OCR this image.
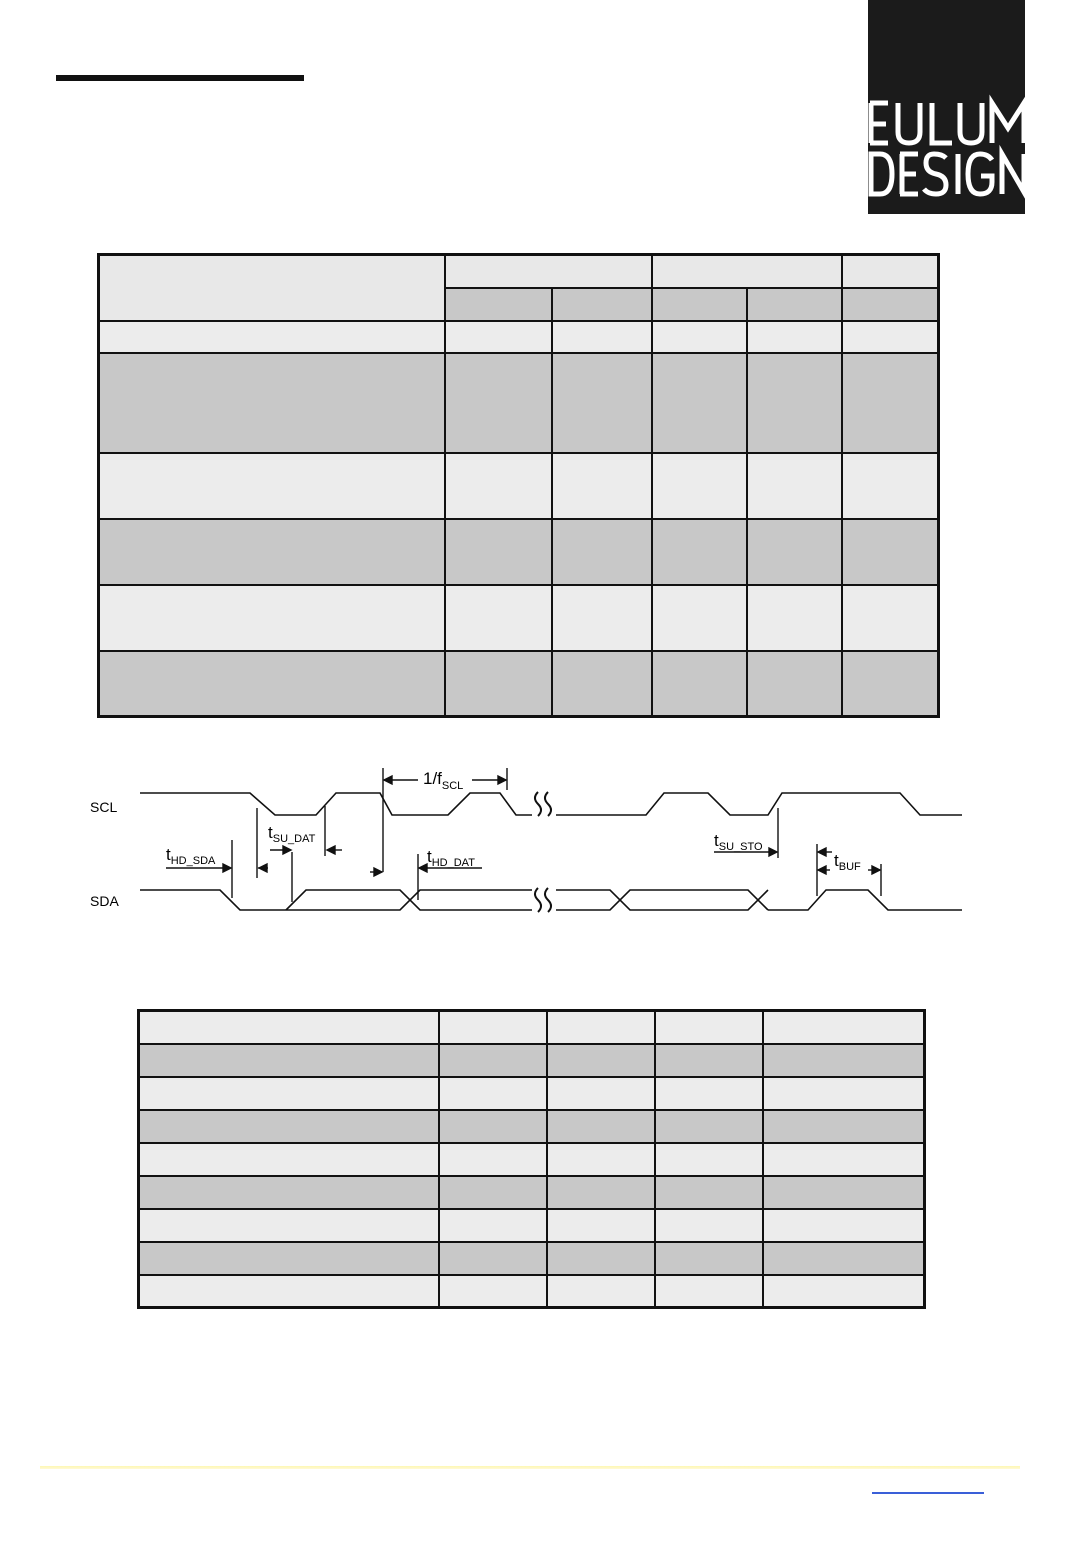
SCL
SDA
$1/f_{SCL}$
$t_{SU\_DAT}$
$t_{HD\_SDA}$	$t_{HD\_DAT}$
$t_{SU\_STO}$
$t_{BUF}$
